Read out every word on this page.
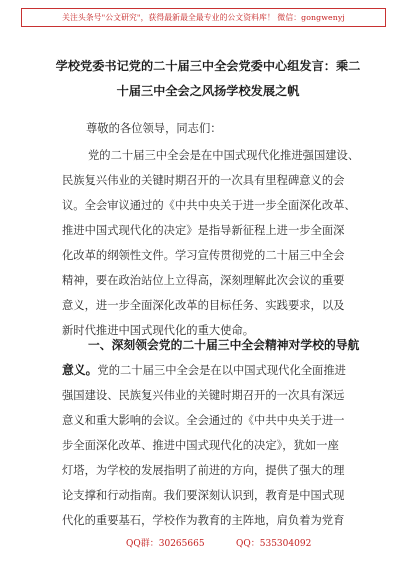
关注头条号"公文研究"，获得最新最全最专业的公文资料库！ 微信：gongwenyj
学校党委书记党的二十届三中全会党委中心组发言：乘二
十届三中全会之风扬学校发展之帆

尊敬的各位领导，同志们：

党的二十届三中全会是在中国式现代化推进强国建设、
民族复兴伟业的关键时期召开的一次具有里程碑意义的会
议。全会审议通过的《中共中央关于进一步全面深化改革、
推进中国式现代化的决定》是指导新征程上进一步全面深
化改革的纲领性文件。学习宣传贯彻党的二十届三中全会
精神，要在政治站位上立得高，深刻理解此次会议的重要
意义，进一步全面深化改革的目标任务、实践要求，以及
新时代推进中国式现代化的重大使命。
一、深刻领会党的二十届三中全会精神对学校的导航
意义。党的二十届三中全会是在以中国式现代化全面推进
强国建设、民族复兴伟业的关键时期召开的一次具有深远
意义和重大影响的会议。全会通过的《中共中央关于进一
步全面深化改革、推进中国式现代化的决定》，犹如一座
灯塔，为学校的发展指明了前进的方向，提供了强大的理
论支撑和行动指南。我们要深刻认识到，教育是中国式现
代化的重要基石，学校作为教育的主阵地，肩负着为党育
QQ群：30265665	QQ：535304092
